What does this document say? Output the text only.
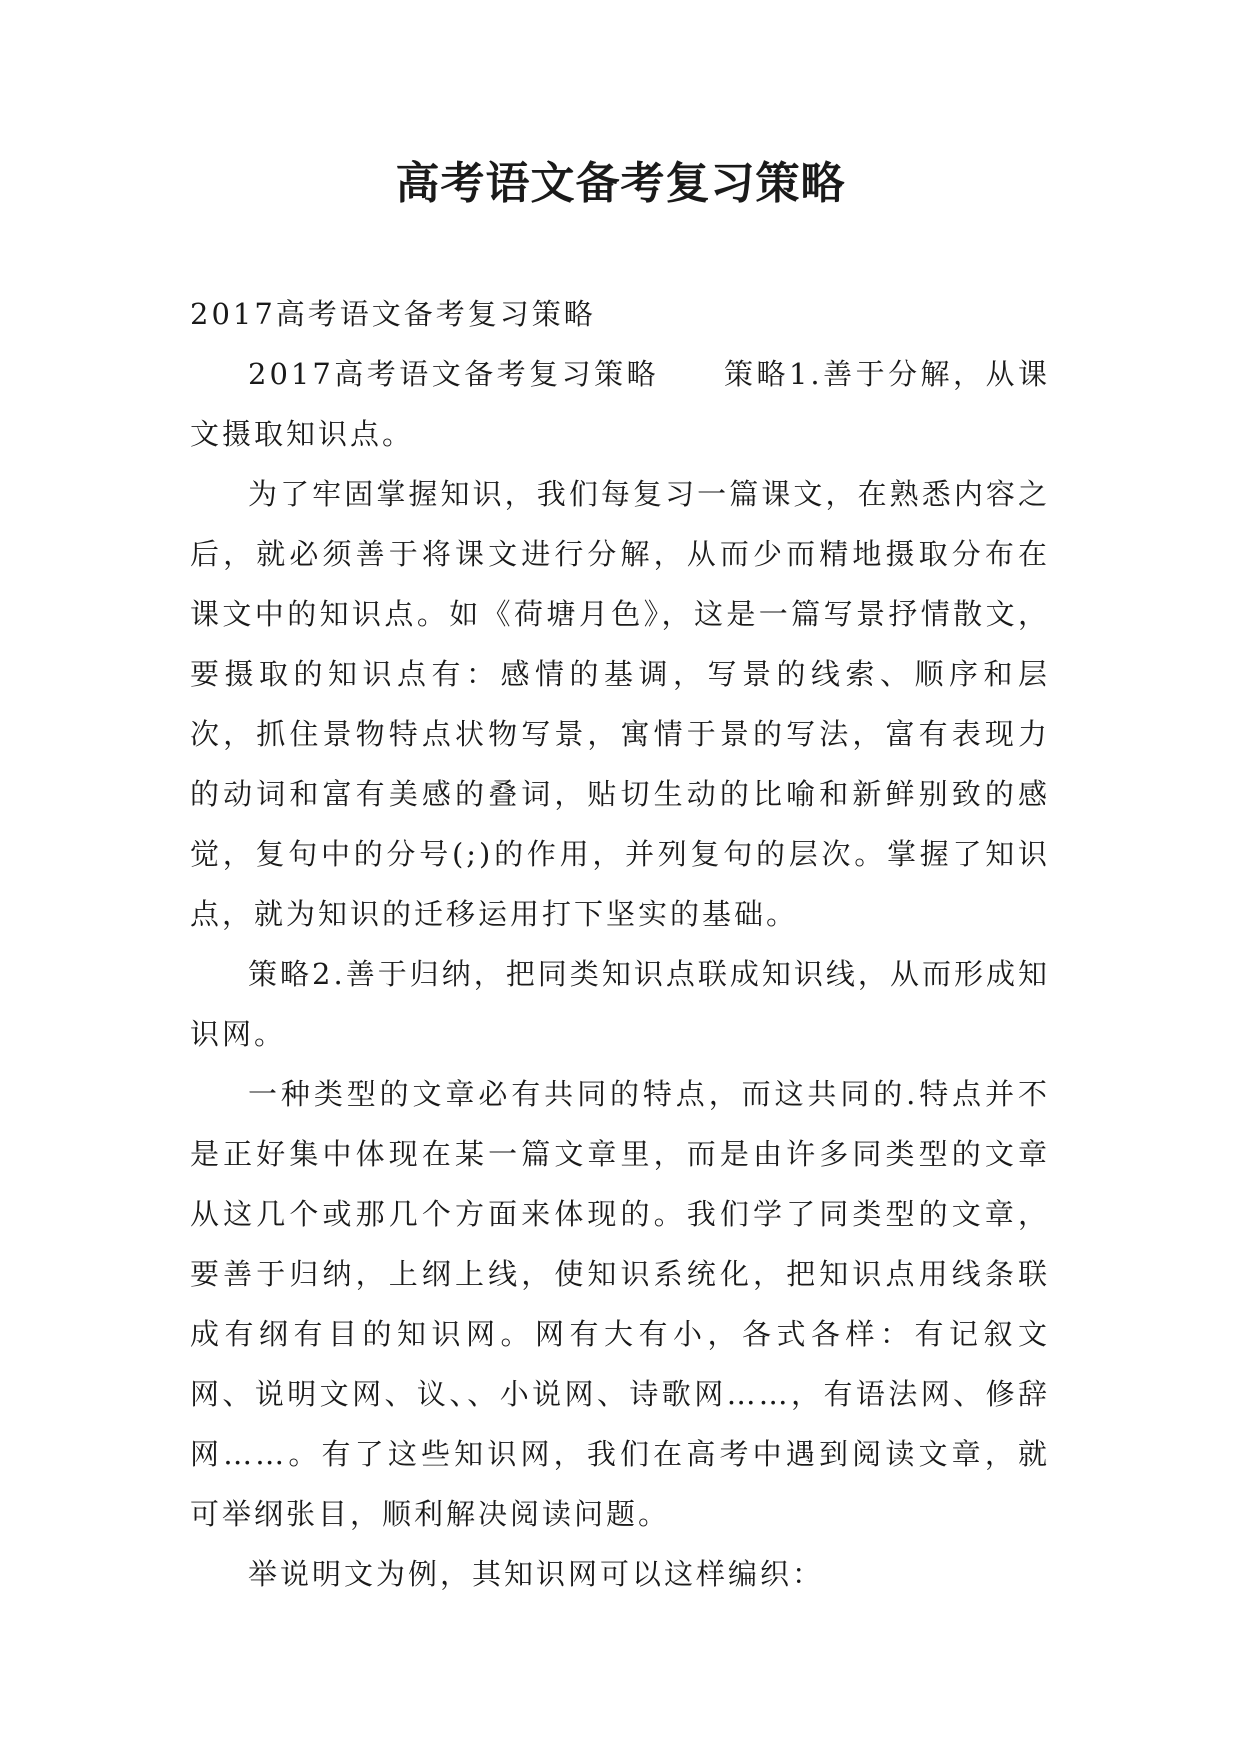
高考语文备考复习策略

2017高考语文备考复习策略

2017高考语文备考复习策略　　策略1.善于分解，从课文摄取知识点。

为了牢固掌握知识，我们每复习一篇课文，在熟悉内容之后，就必须善于将课文进行分解，从而少而精地摄取分布在课文中的知识点。如《荷塘月色》，这是一篇写景抒情散文，要摄取的知识点有：感情的基调，写景的线索、顺序和层次，抓住景物特点状物写景，寓情于景的写法，富有表现力的动词和富有美感的叠词，贴切生动的比喻和新鲜别致的感觉，复句中的分号(;)的作用，并列复句的层次。掌握了知识点，就为知识的迁移运用打下坚实的基础。

策略2.善于归纳，把同类知识点联成知识线，从而形成知识网。

一种类型的文章必有共同的特点，而这共同的.特点并不是正好集中体现在某一篇文章里，而是由许多同类型的文章从这几个或那几个方面来体现的。我们学了同类型的文章，要善于归纳，上纲上线，使知识系统化，把知识点用线条联成有纲有目的知识网。网有大有小，各式各样：有记叙文网、说明文网、议、、小说网、诗歌网……，有语法网、修辞网……。有了这些知识网，我们在高考中遇到阅读文章，就可举纲张目，顺利解决阅读问题。

举说明文为例，其知识网可以这样编织：
